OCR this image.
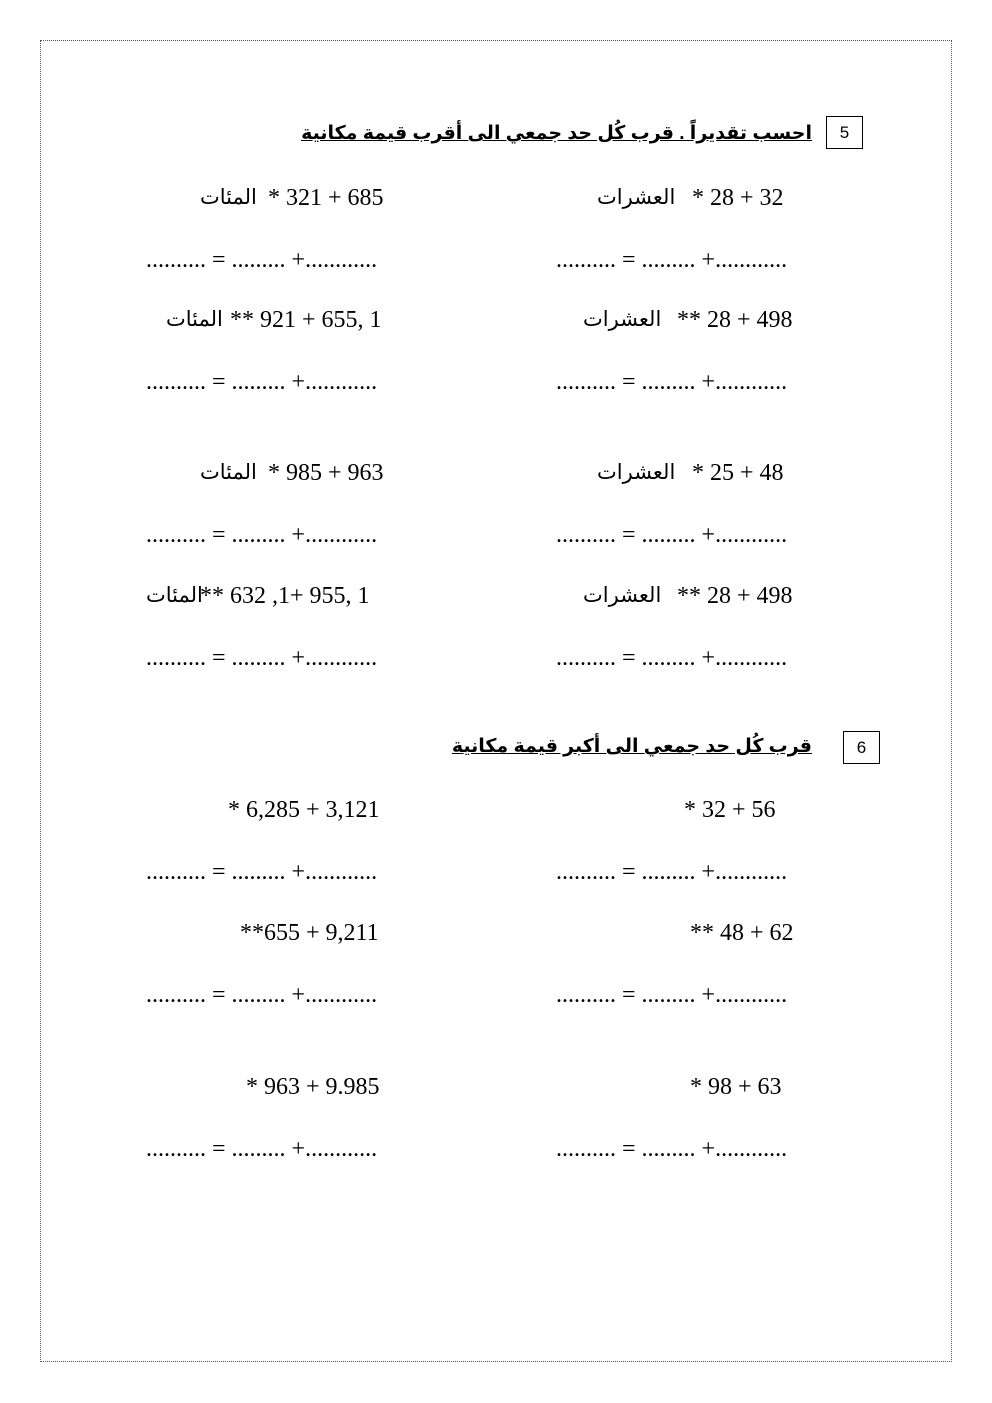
5
احسب تقديراً . قرب كُل حد جمعي الى أقرب قيمة مكانية
* 28 + 32
العشرات
* 321 + 685
المئات
.......... = ......... +............
.......... = ......... +............
** 28 + 498
العشرات
** 921 + 655, 1
المئات
.......... = ......... +............
.......... = ......... +............
* 25 + 48
العشرات
* 985 + 963
المئات
.......... = ......... +............
.......... = ......... +............
** 28 + 498
العشرات
** 632 ,1+ 955, 1
المئات
.......... = ......... +............
.......... = ......... +............
6
قرب كُل حد جمعي الى أكبر قيمة مكانية
* 32 + 56
* 6,285 + 3,121
.......... = ......... +............
.......... = ......... +............
** 48 + 62
**655 + 9,211
.......... = ......... +............
.......... = ......... +............
* 98 + 63
* 963 + 9.985
.......... = ......... +............
.......... = ......... +............
